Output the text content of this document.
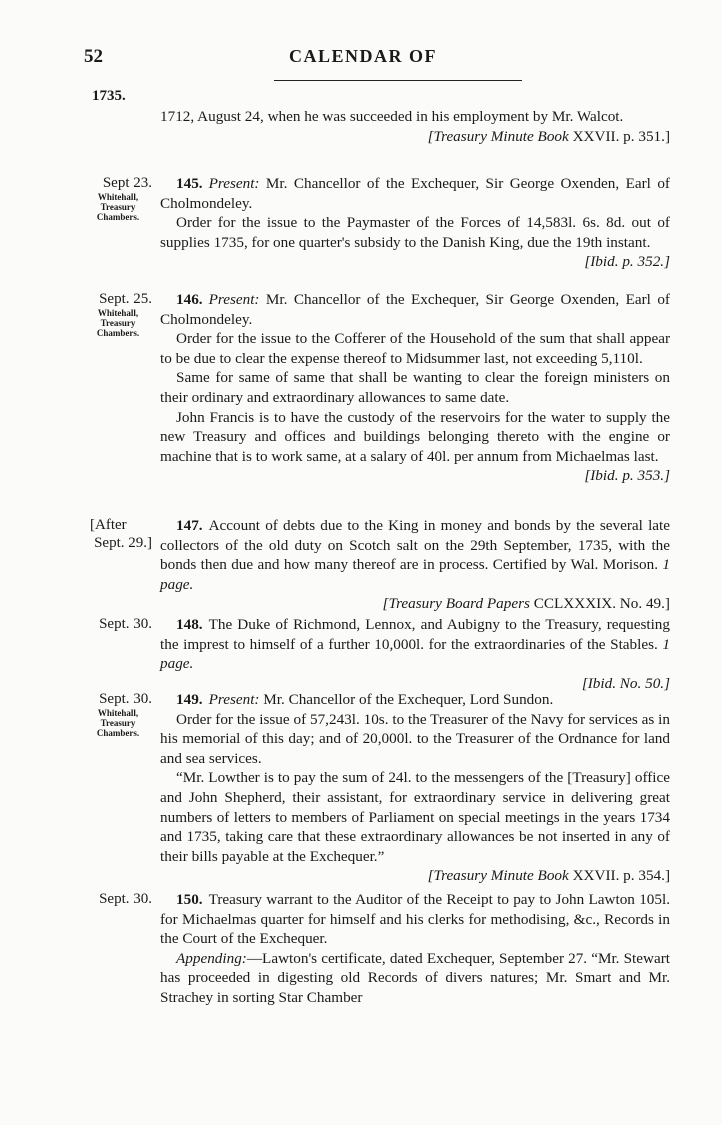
52	CALENDAR OF
1735.

1712, August 24, when he was succeeded in his employment by Mr. Walcot.

[Treasury Minute Book XXVII. p. 351.]

Sept 23.
Whitehall,
Treasury
Chambers.

145. Present: Mr. Chancellor of the Exchequer, Sir George Oxenden, Earl of Cholmondeley.

Order for the issue to the Paymaster of the Forces of 14,583l. 6s. 8d. out of supplies 1735, for one quarter's subsidy to the Danish King, due the 19th instant.

[Ibid. p. 352.]

Sept. 25.
Whitehall,
Treasury
Chambers.

146. Present: Mr. Chancellor of the Exchequer, Sir George Oxenden, Earl of Cholmondeley.

Order for the issue to the Cofferer of the Household of the sum that shall appear to be due to clear the expense thereof to Midsummer last, not exceeding 5,110l.

Same for same of same that shall be wanting to clear the foreign ministers on their ordinary and extraordinary allowances to same date.

John Francis is to have the custody of the reservoirs for the water to supply the new Treasury and offices and buildings belonging thereto with the engine or machine that is to work same, at a salary of 40l. per annum from Michaelmas last.

[Ibid. p. 353.]

[After
Sept. 29.]

147. Account of debts due to the King in money and bonds by the several late collectors of the old duty on Scotch salt on the 29th September, 1735, with the bonds then due and how many thereof are in process. Certified by Wal. Morison. 1 page.

[Treasury Board Papers CCLXXXIX. No. 49.]

Sept. 30.	148. The Duke of Richmond, Lennox, and Aubigny to the Treasury, requesting the imprest to himself of a further 10,000l. for the extraordinaries of the Stables. 1 page.

[Ibid. No. 50.]

Sept. 30.
Whitehall,
Treasury
Chambers.

149. Present: Mr. Chancellor of the Exchequer, Lord Sundon.

Order for the issue of 57,243l. 10s. to the Treasurer of the Navy for services as in his memorial of this day; and of 20,000l. to the Treasurer of the Ordnance for land and sea services.

“Mr. Lowther is to pay the sum of 24l. to the messengers of the [Treasury] office and John Shepherd, their assistant, for extraordinary service in delivering great numbers of letters to members of Parliament on special meetings in the years 1734 and 1735, taking care that these extraordinary allowances be not inserted in any of their bills payable at the Exchequer.”

[Treasury Minute Book XXVII. p. 354.]

Sept. 30.	150. Treasury warrant to the Auditor of the Receipt to pay to John Lawton 105l. for Michaelmas quarter for himself and his clerks for methodising, &c., Records in the Court of the Exchequer.

Appending:—Lawton's certificate, dated Exchequer, September 27. “Mr. Stewart has proceeded in digesting old Records of divers natures; Mr. Smart and Mr. Strachey in sorting Star Chamber
